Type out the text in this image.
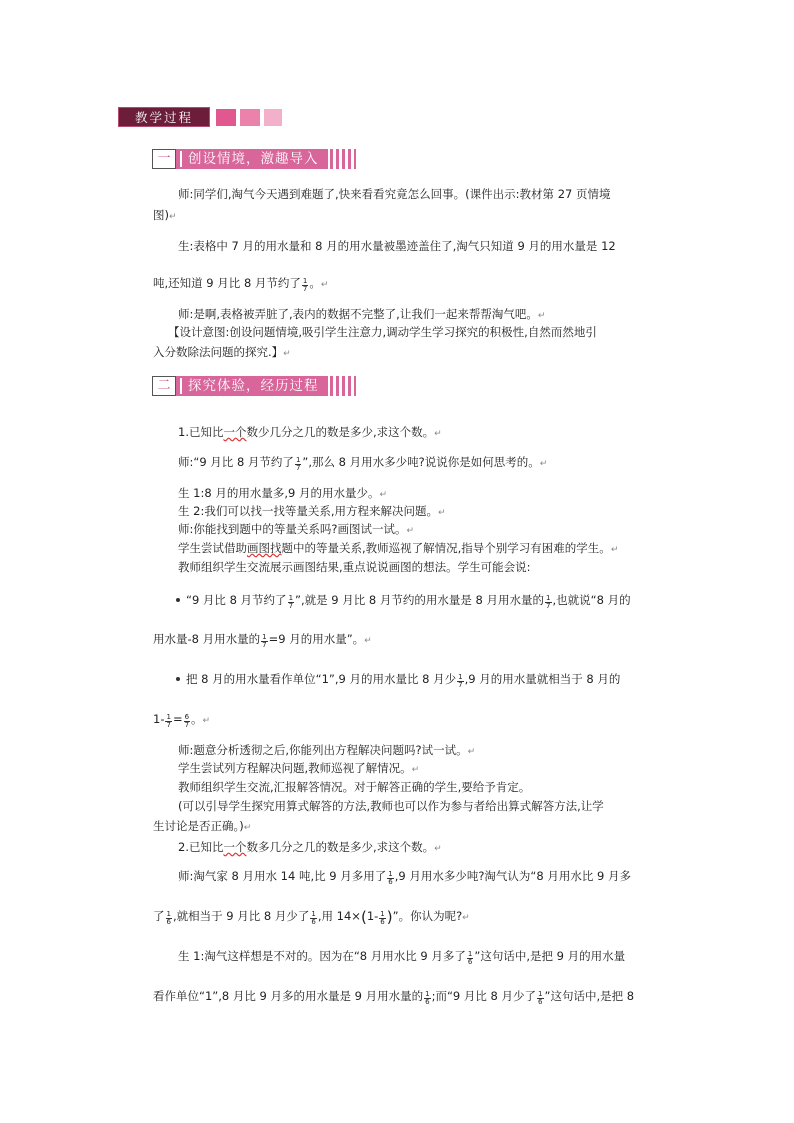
教学过程
一	创设情境，激趣导入
师:同学们,淘气今天遇到难题了,快来看看究竟怎么回事。(课件出示:教材第 27 页情境
图)↵
生:表格中 7 月的用水量和 8 月的用水量被墨迹盖住了,淘气只知道 9 月的用水量是 12
吨,还知道 9 月比 8 月节约了 $\frac{1}{7}$ 。↵
师:是啊,表格被弄脏了,表内的数据不完整了,让我们一起来帮帮淘气吧。↵
【设计意图:创设问题情境,吸引学生注意力,调动学生学习探究的积极性,自然而然地引
入分数除法问题的探究.】↵
二	探究体验，经历过程
1.已知比一个数少几分之几的数是多少,求这个数。↵
师:“9 月比 8 月节约了 $\frac{1}{7}$ ”,那么 8 月用水多少吨?说说你是如何思考的。↵
生 1:8 月的用水量多,9 月的用水量少。↵
生 2:我们可以找一找等量关系,用方程来解决问题。↵
师:你能找到题中的等量关系吗?画图试一试。↵
学生尝试借助画图找题中的等量关系,教师巡视了解情况,指导个别学习有困难的学生。↵
教师组织学生交流展示画图结果,重点说说画图的想法。学生可能会说:
“9 月比 8 月节约了 $\frac{1}{7}$ ”,就是 9 月比 8 月节约的用水量是 8 月用水量的 $\frac{1}{7}$ ,也就说“8 月的
用水量-8 月用水量的 $\frac{1}{7} =9$ 月的用水量”。↵
把 8 月的用水量看作单位“1”,9 月的用水量比 8 月少 $\frac{1}{7} ,9$ 月的用水量就相当于 8 月的
$1- \frac{1}{7} = \frac{6}{7}$ 。↵
师:题意分析透彻之后,你能列出方程解决问题吗?试一试。↵
学生尝试列方程解决问题,教师巡视了解情况。↵
教师组织学生交流,汇报解答情况。对于解答正确的学生,要给予肯定。
(可以引导学生探究用算式解答的方法,教师也可以作为参与者给出算式解答方法,让学
生讨论是否正确。)↵
2.已知比一个数多几分之几的数是多少,求这个数。↵
师:淘气家 8 月用水 14 吨,比 9 月多用了 $\frac{1}{6} ,9$ 月用水多少吨?淘气认为“8 月用水比 9 月多
了 $\frac{1}{6}$ ,就相当于 9 月比 8 月少了 $\frac{1}{6}$ ,用 $14\times(1- \frac{1}{6}$ )”。你认为呢?↵
生 1:淘气这样想是不对的。因为在“8 月用水比 9 月多了 $\frac{1}{6}$ ”这句话中,是把 9 月的用水量
看作单位“1”,8 月比 9 月多的用水量是 9 月用水量的 $\frac{1}{6}$ ;而“9 月比 8 月少了 $\frac{1}{6}$ ”这句话中,是把 8
